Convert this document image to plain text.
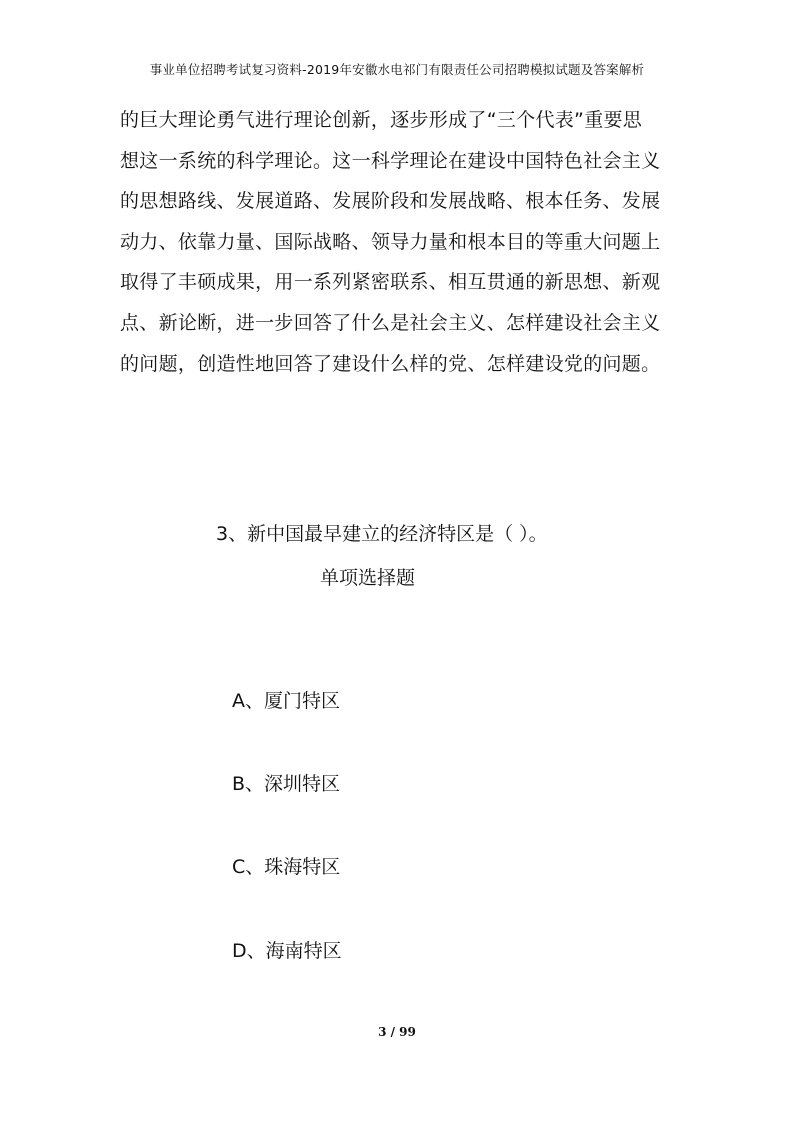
事业单位招聘考试复习资料-2019年安徽水电祁门有限责任公司招聘模拟试题及答案解析
的巨大理论勇气进行理论创新，逐步形成了“三个代表”重要思
想这一系统的科学理论。这一科学理论在建设中国特色社会主义
的思想路线、发展道路、发展阶段和发展战略、根本任务、发展
动力、依靠力量、国际战略、领导力量和根本目的等重大问题上
取得了丰硕成果，用一系列紧密联系、相互贯通的新思想、新观
点、新论断，进一步回答了什么是社会主义、怎样建设社会主义
的问题，创造性地回答了建设什么样的党、怎样建设党的问题。
3、新中国最早建立的经济特区是（ ）。
单项选择题
A、厦门特区
B、深圳特区
C、珠海特区
D、海南特区
3 / 99
